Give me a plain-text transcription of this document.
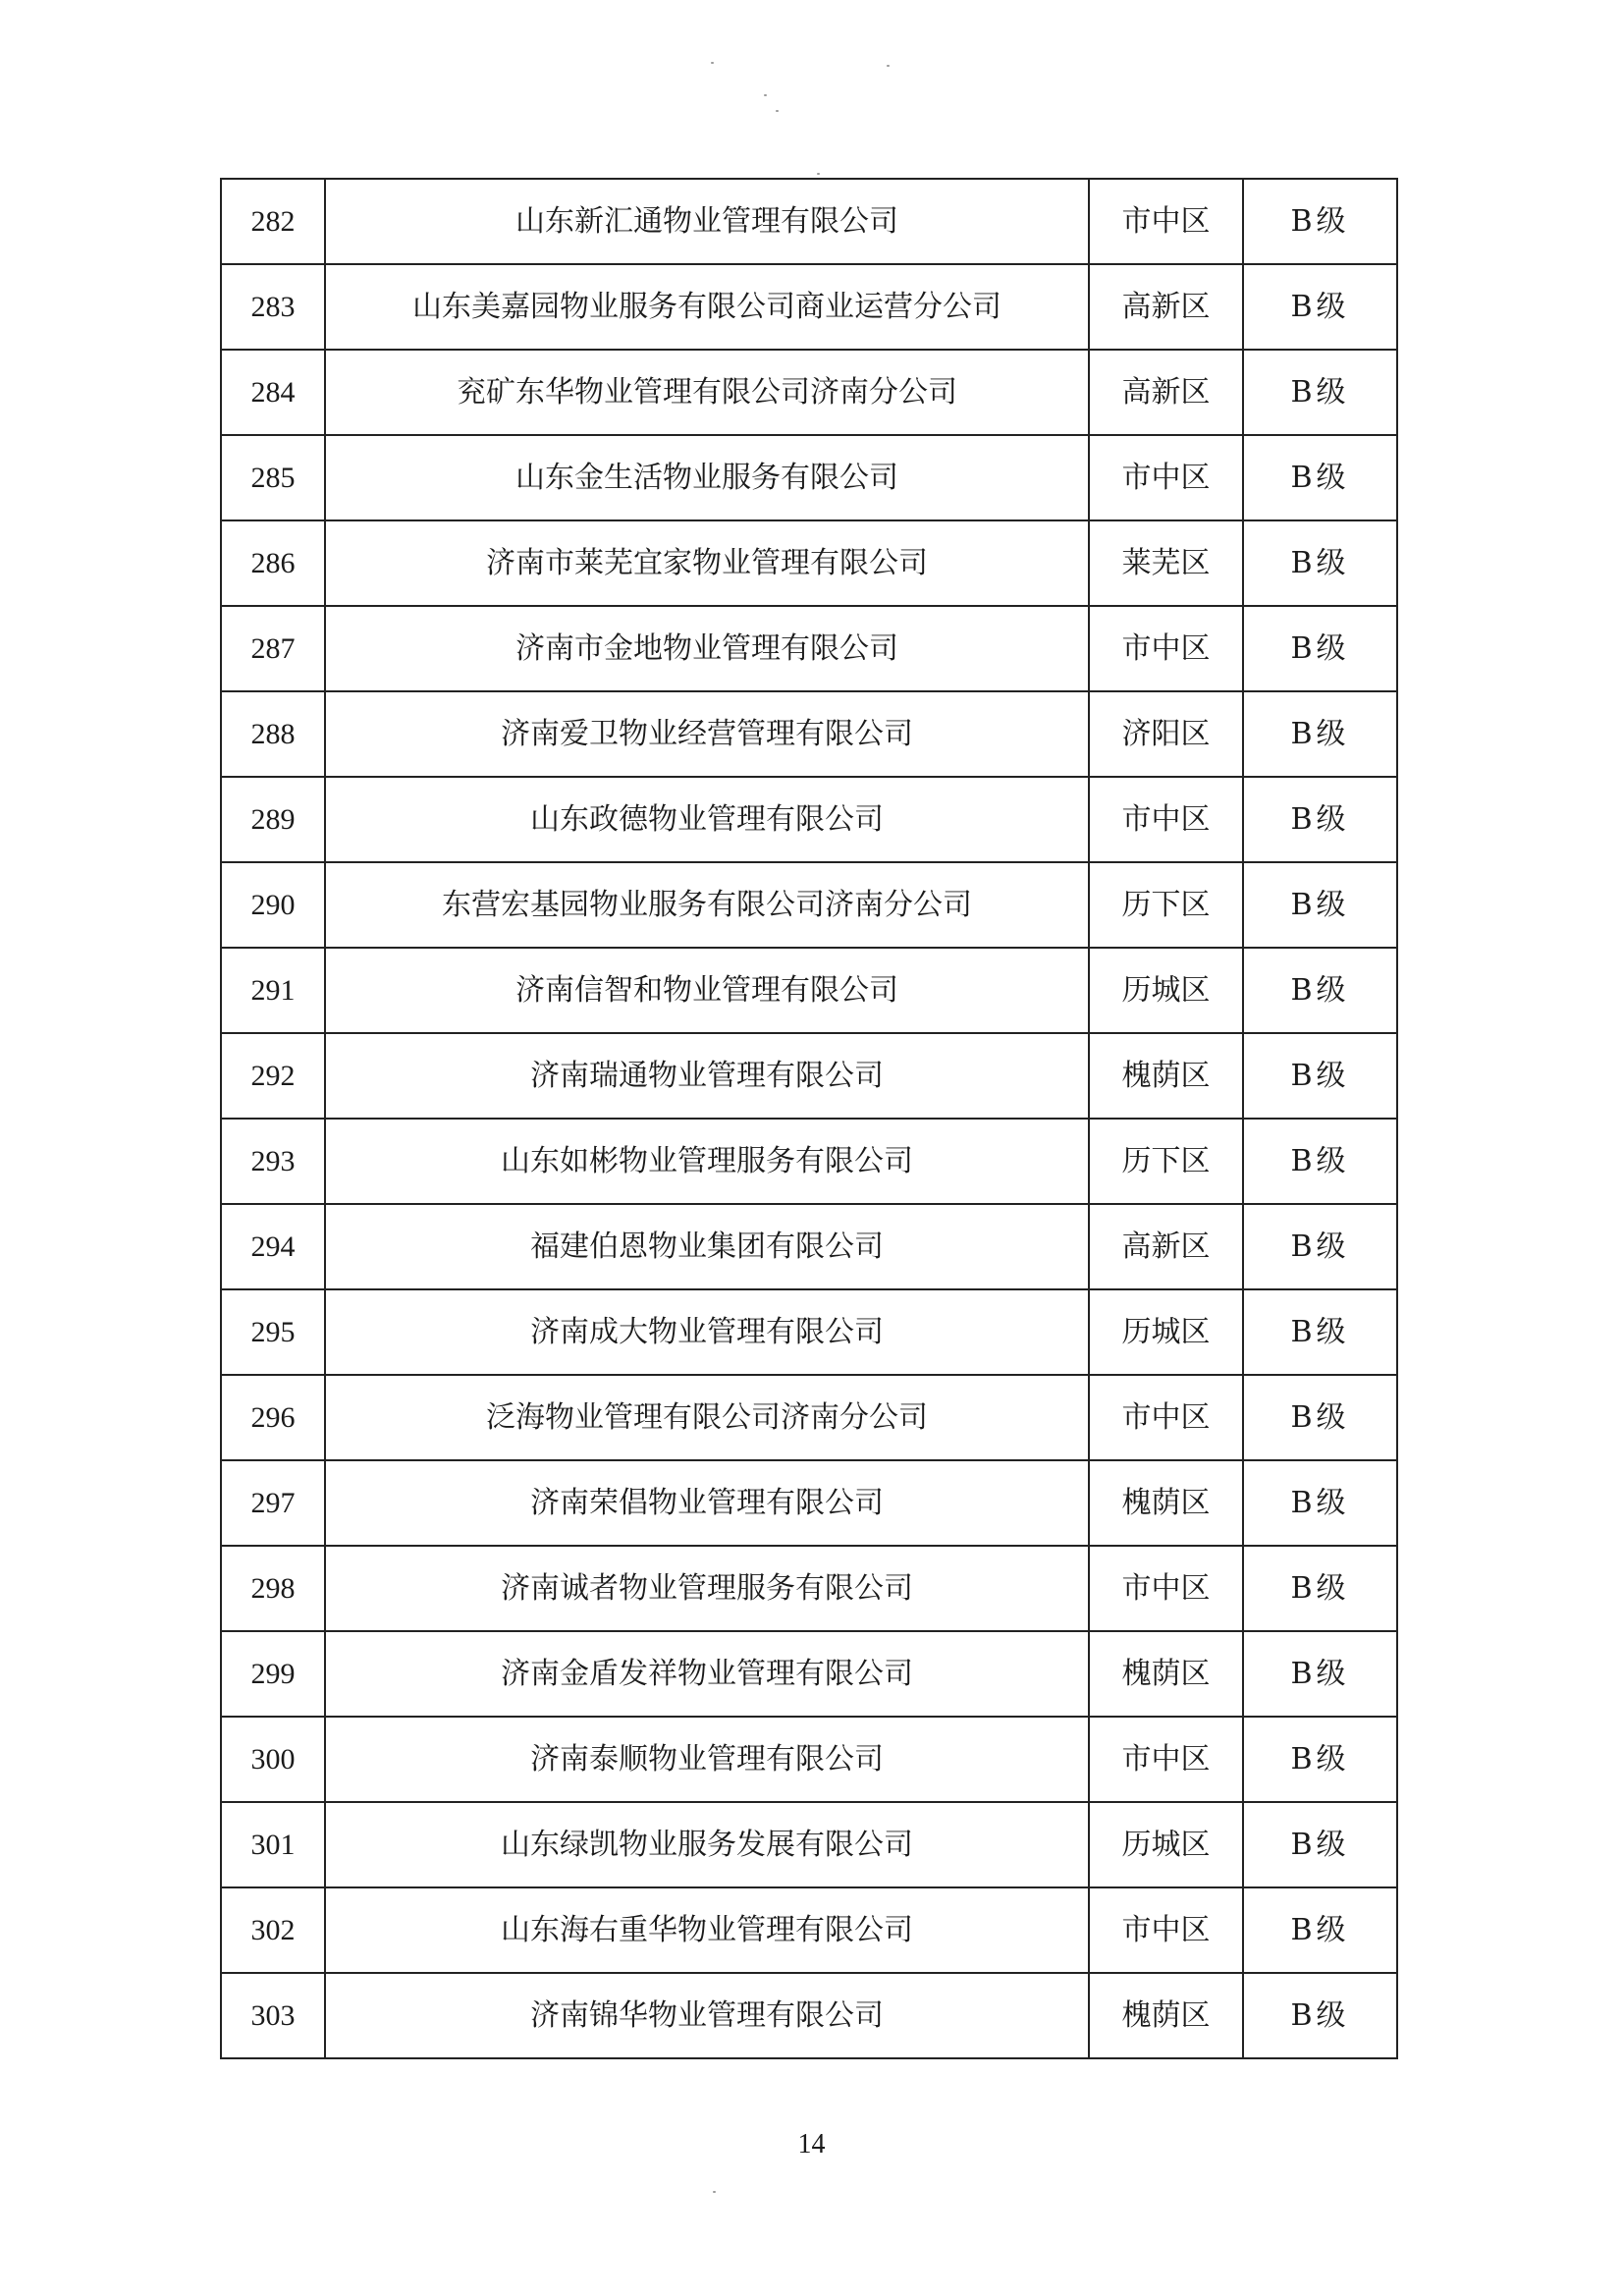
282	山东新汇通物业管理有限公司	市中区	B级
283	山东美嘉园物业服务有限公司商业运营分公司	高新区	B级
284	兖矿东华物业管理有限公司济南分公司	高新区	B级
285	山东金生活物业服务有限公司	市中区	B级
286	济南市莱芜宜家物业管理有限公司	莱芜区	B级
287	济南市金地物业管理有限公司	市中区	B级
288	济南爱卫物业经营管理有限公司	济阳区	B级
289	山东政德物业管理有限公司	市中区	B级
290	东营宏基园物业服务有限公司济南分公司	历下区	B级
291	济南信智和物业管理有限公司	历城区	B级
292	济南瑞通物业管理有限公司	槐荫区	B级
293	山东如彬物业管理服务有限公司	历下区	B级
294	福建伯恩物业集团有限公司	高新区	B级
295	济南成大物业管理有限公司	历城区	B级
296	泛海物业管理有限公司济南分公司	市中区	B级
297	济南荣倡物业管理有限公司	槐荫区	B级
298	济南诚者物业管理服务有限公司	市中区	B级
299	济南金盾发祥物业管理有限公司	槐荫区	B级
300	济南泰顺物业管理有限公司	市中区	B级
301	山东绿凯物业服务发展有限公司	历城区	B级
302	山东海右重华物业管理有限公司	市中区	B级
303	济南锦华物业管理有限公司	槐荫区	B级
14
